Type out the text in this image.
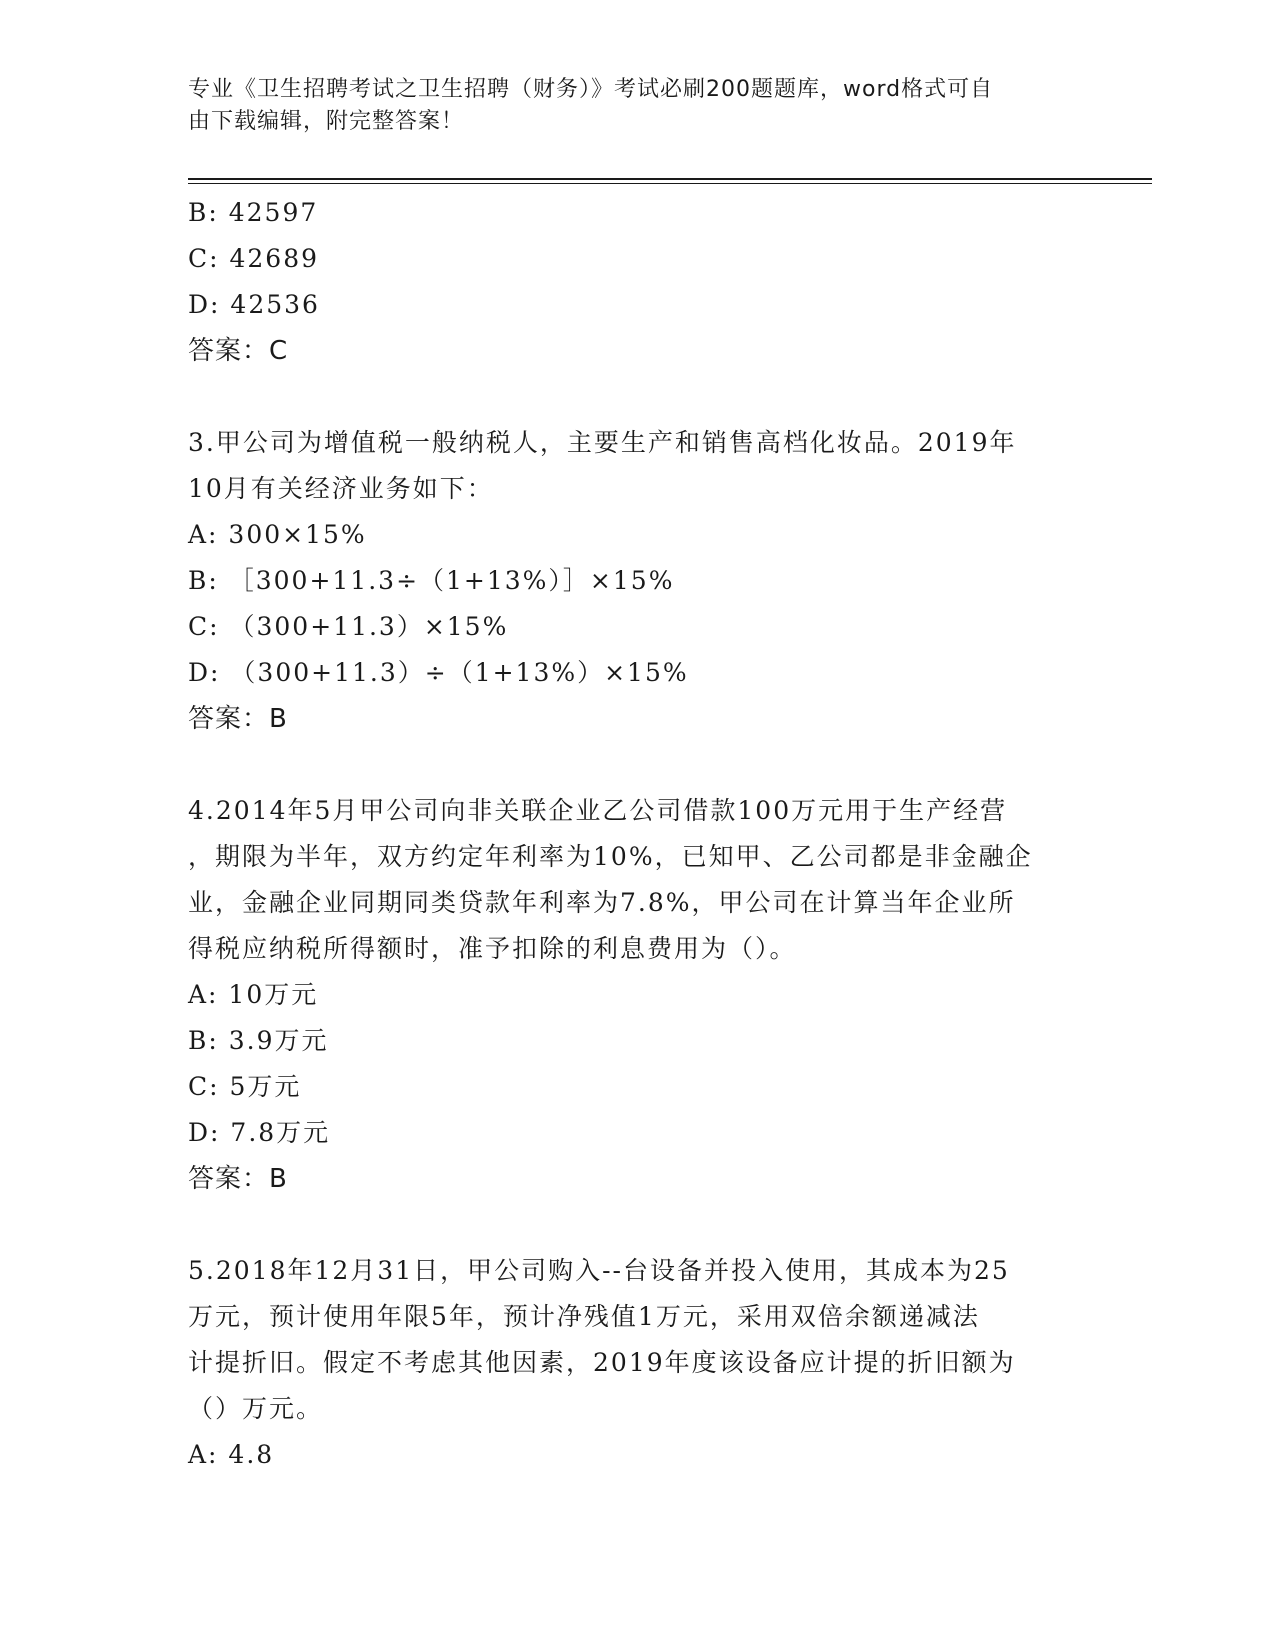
专业《卫生招聘考试之卫生招聘（财务）》考试必刷200题题库，word格式可自
由下载编辑，附完整答案！
B: 42597
C: 42689
D: 42536
答案：C
3.甲公司为增值税一般纳税人，主要生产和销售高档化妆品。2019年
10月有关经济业务如下：
A: 300×15%
B: ［300+11.3÷（1+13%）］×15%
C: （300+11.3）×15%
D: （300+11.3）÷（1+13%）×15%
答案：B
4.2014年5月甲公司向非关联企业乙公司借款100万元用于生产经营
，期限为半年，双方约定年利率为10%，已知甲、乙公司都是非金融企
业，金融企业同期同类贷款年利率为7.8%，甲公司在计算当年企业所
得税应纳税所得额时，准予扣除的利息费用为（）。
A: 10万元
B: 3.9万元
C: 5万元
D: 7.8万元
答案：B
5.2018年12月31日，甲公司购入--台设备并投入使用，其成本为25
万元，预计使用年限5年，预计净残值1万元，采用双倍余额递减法
计提折旧。假定不考虑其他因素，2019年度该设备应计提的折旧额为
（）万元。
A: 4.8
